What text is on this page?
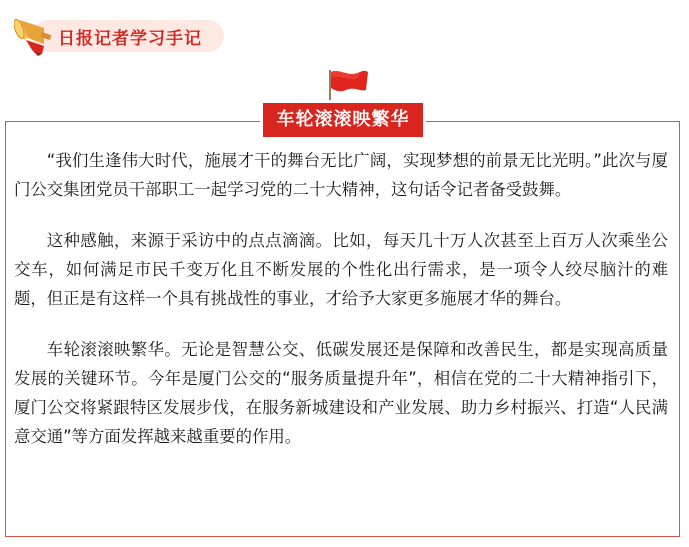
日报记者学习手记
车轮滚滚映繁华

“我们生逢伟大时代，施展才干的舞台无比广阔，实现梦想的前景无比光明。”此次与厦门公交集团党员干部职工一起学习党的二十大精神，这句话令记者备受鼓舞。

这种感触，来源于采访中的点点滴滴。比如，每天几十万人次甚至上百万人次乘坐公交车，如何满足市民千变万化且不断发展的个性化出行需求，是一项令人绞尽脑汁的难题，但正是有这样一个具有挑战性的事业，才给予大家更多施展才华的舞台。

车轮滚滚映繁华。无论是智慧公交、低碳发展还是保障和改善民生，都是实现高质量发展的关键环节。今年是厦门公交的“服务质量提升年”，相信在党的二十大精神指引下，厦门公交将紧跟特区发展步伐，在服务新城建设和产业发展、助力乡村振兴、打造“人民满意交通”等方面发挥越来越重要的作用。
